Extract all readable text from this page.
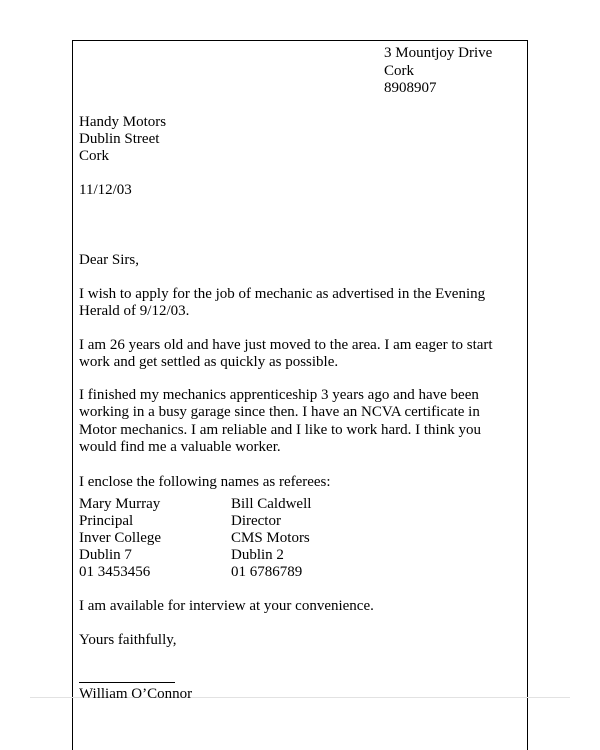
3 Mountjoy Drive
Cork
8908907
Handy Motors
Dublin Street
Cork
11/12/03
Dear Sirs,
I wish to apply for the job of mechanic as advertised in the Evening
Herald of 9/12/03.
I am 26 years old and have just moved to the area. I am eager to start
work and get settled as quickly as possible.
I finished my mechanics apprenticeship 3 years ago and have been
working in a busy garage since then. I have an NCVA certificate in
Motor mechanics. I am reliable and I like to work hard. I think you
would find me a valuable worker.
I enclose the following names as referees:
Mary Murray
Principal
Inver College
Dublin 7
01 3453456
Bill Caldwell
Director
CMS Motors
Dublin 2
01 6786789
I am available for interview at your convenience.
Yours faithfully,
William O’Connor
